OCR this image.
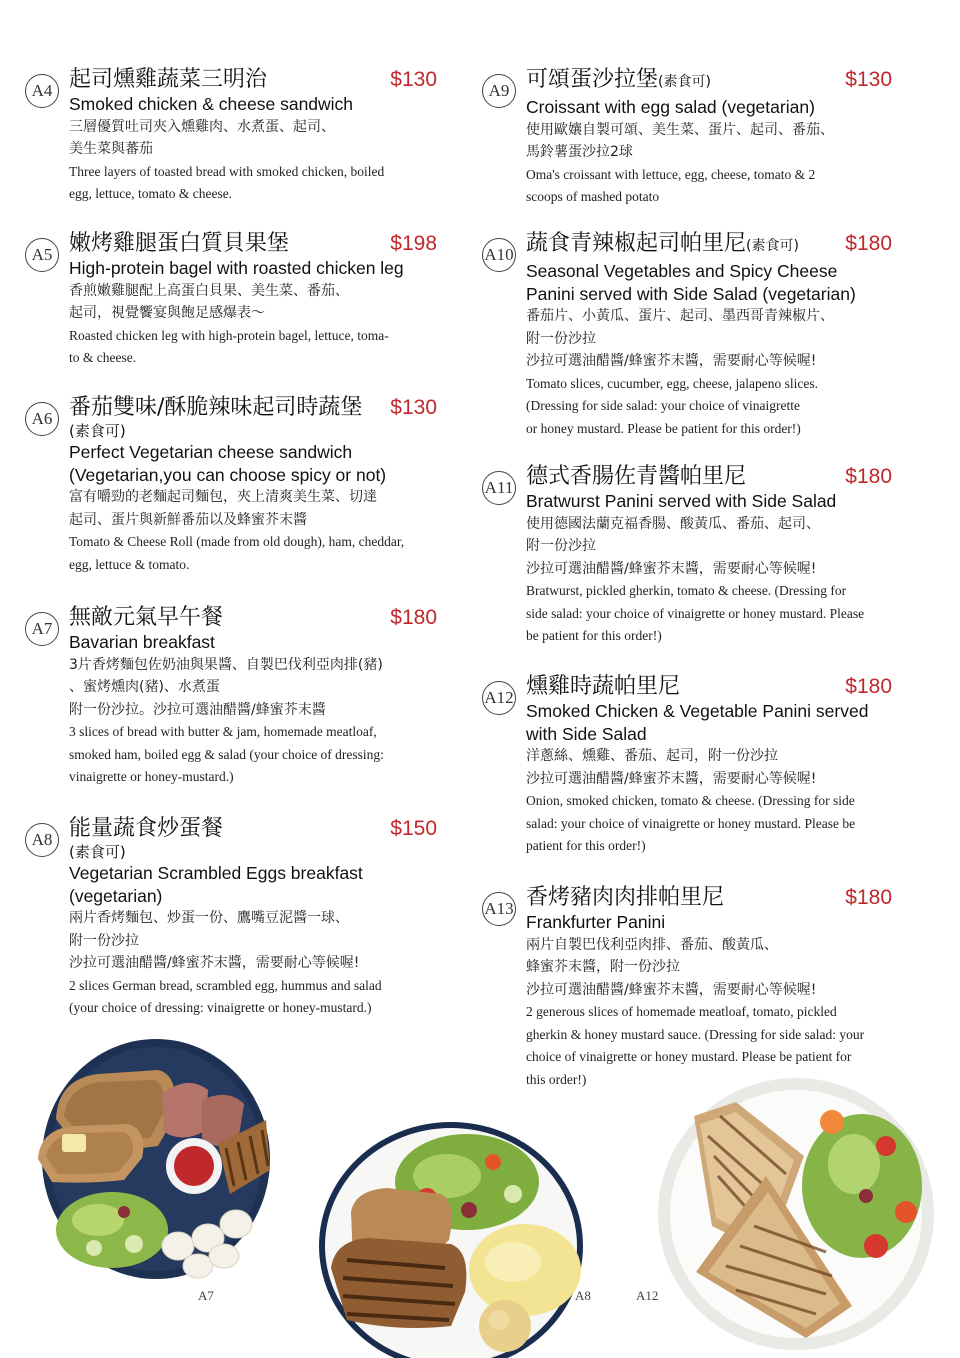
A4 起司燻雞蔬菜三明治	$130
Smoked chicken & cheese sandwich
三層優質吐司夾入燻雞肉、水煮蛋、起司、
美生菜與蕃茄
Three layers of toasted bread with smoked chicken, boiled
egg, lettuce, tomato & cheese.
A5 嫩烤雞腿蛋白質貝果堡	$198
High-protein bagel with roasted chicken leg
香煎嫩雞腿配上高蛋白貝果、美生菜、番茄、
起司，視覺饗宴與飽足感爆表～
Roasted chicken leg with high-protein bagel, lettuce, toma-
to & cheese.
A6 番茄雙味/酥脆辣味起司時蔬堡	$130
(素食可)
Perfect Vegetarian cheese sandwich
(Vegetarian,you can choose spicy or not)
富有嚼勁的老麵起司麵包，夾上清爽美生菜、切達
起司、蛋片與新鮮番茄以及蜂蜜芥末醬
Tomato & Cheese Roll (made from old dough), ham, cheddar,
egg, lettuce & tomato.
A7 無敵元氣早午餐	$180
Bavarian breakfast
3片香烤麵包佐奶油與果醬、自製巴伐利亞肉排(豬)
、蜜烤燻肉(豬)、水煮蛋
附一份沙拉。沙拉可選油醋醬/蜂蜜芥末醬
3 slices of bread with butter & jam, homemade meatloaf,
smoked ham, boiled egg & salad (your choice of dressing:
vinaigrette or honey-mustard.)
A8 能量蔬食炒蛋餐	$150
(素食可)
Vegetarian Scrambled Eggs breakfast
(vegetarian)
兩片香烤麵包、炒蛋一份、鷹嘴豆泥醬一球、
附一份沙拉
沙拉可選油醋醬/蜂蜜芥末醬，需要耐心等候喔!
2 slices German bread, scrambled egg, hummus and salad
(your choice of dressing: vinaigrette or honey-mustard.)
A9 可頌蛋沙拉堡(素食可)	$130
Croissant with egg salad (vegetarian)
使用歐孃自製可頌、美生菜、蛋片、起司、番茄、
馬鈴薯蛋沙拉2球
Oma's croissant with lettuce, egg, cheese, tomato & 2
scoops of mashed potato
A10 蔬食青辣椒起司帕里尼(素食可)	$180
Seasonal Vegetables and Spicy Cheese
Panini served with Side Salad (vegetarian)
番茄片、小黃瓜、蛋片、起司、墨西哥青辣椒片、
附一份沙拉
沙拉可選油醋醬/蜂蜜芥末醬，需要耐心等候喔!
Tomato slices, cucumber, egg, cheese, jalapeno slices.
(Dressing for side salad: your choice of vinaigrette
or honey mustard. Please be patient for this order!)
A11 德式香腸佐青醬帕里尼	$180
Bratwurst Panini served with Side Salad
使用德國法蘭克福香腸、酸黃瓜、番茄、起司、
附一份沙拉
沙拉可選油醋醬/蜂蜜芥末醬，需要耐心等候喔!
Bratwurst, pickled gherkin, tomato & cheese. (Dressing for
side salad: your choice of vinaigrette or honey mustard. Please
be patient for this order!)
A12 燻雞時蔬帕里尼	$180
Smoked Chicken & Vegetable Panini served
with Side Salad
洋蔥絲、燻雞、番茄、起司，附一份沙拉
沙拉可選油醋醬/蜂蜜芥末醬，需要耐心等候喔!
Onion, smoked chicken, tomato & cheese. (Dressing for side
salad: your choice of vinaigrette or honey mustard. Please be
patient for this order!)
A13 香烤豬肉肉排帕里尼	$180
Frankfurter Panini
兩片自製巴伐利亞肉排、番茄、酸黃瓜、
蜂蜜芥末醬，附一份沙拉
沙拉可選油醋醬/蜂蜜芥末醬，需要耐心等候喔!
2 generous slices of homemade meatloaf, tomato, pickled
gherkin & honey mustard sauce. (Dressing for side salad: your
choice of vinaigrette or honey mustard. Please be patient for
this order!)
A7	A8	A12
